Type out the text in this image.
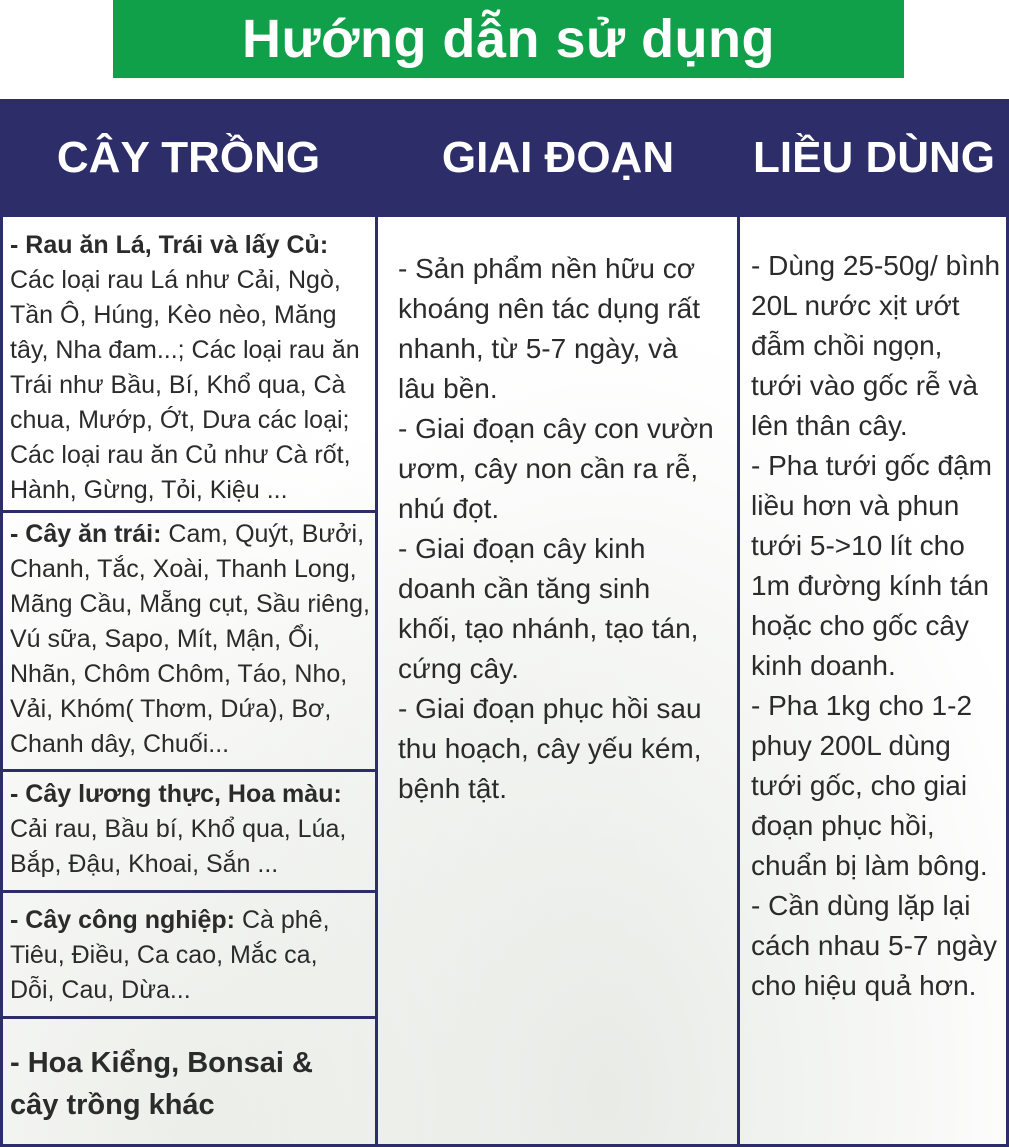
Hướng dẫn sử dụng
CÂY TRỒNG	GIAI ĐOẠN	LIỀU DÙNG
- Rau ăn Lá, Trái và lấy Củ: Các loại rau Lá như Cải, Ngò, Tần Ô, Húng, Kèo nèo, Măng tây, Nha đam...; Các loại rau ăn Trái như Bầu, Bí, Khổ qua, Cà chua, Mướp, Ớt, Dưa các loại; Các loại rau ăn Củ như Cà rốt, Hành, Gừng, Tỏi, Kiệu ...
- Cây ăn trái: Cam, Quýt, Bưởi, Chanh, Tắc, Xoài, Thanh Long, Mãng Cầu, Mẵng cụt, Sầu riêng, Vú sữa, Sapo, Mít, Mận, Ổi, Nhãn, Chôm Chôm, Táo, Nho, Vải, Khóm( Thơm, Dứa), Bơ, Chanh dây, Chuối...
- Cây lương thực, Hoa màu: Cải rau, Bầu bí, Khổ qua, Lúa, Bắp, Đậu, Khoai, Sắn ...
- Cây công nghiệp: Cà phê, Tiêu, Điều, Ca cao, Mắc ca, Dỗi, Cau, Dừa...
- Hoa Kiểng, Bonsai & cây trồng khác
- Sản phẩm nền hữu cơ khoáng nên tác dụng rất nhanh, từ 5-7 ngày, và lâu bền.
- Giai đoạn cây con vườn ươm, cây non cần ra rễ, nhú đọt.
- Giai đoạn cây kinh doanh cần tăng sinh khối, tạo nhánh, tạo tán, cứng cây.
- Giai đoạn phục hồi sau thu hoạch, cây yếu kém, bệnh tật.
- Dùng 25-50g/ bình 20L nước xịt ướt đẫm chồi ngọn, tưới vào gốc rễ và lên thân cây.
- Pha tưới gốc đậm liều hơn và phun tưới 5->10 lít cho 1m đường kính tán hoặc cho gốc cây kinh doanh.
- Pha 1kg cho 1-2 phuy 200L dùng tưới gốc, cho giai đoạn phục hồi, chuẩn bị làm bông.
- Cần dùng lặp lại cách nhau 5-7 ngày cho hiệu quả hơn.
